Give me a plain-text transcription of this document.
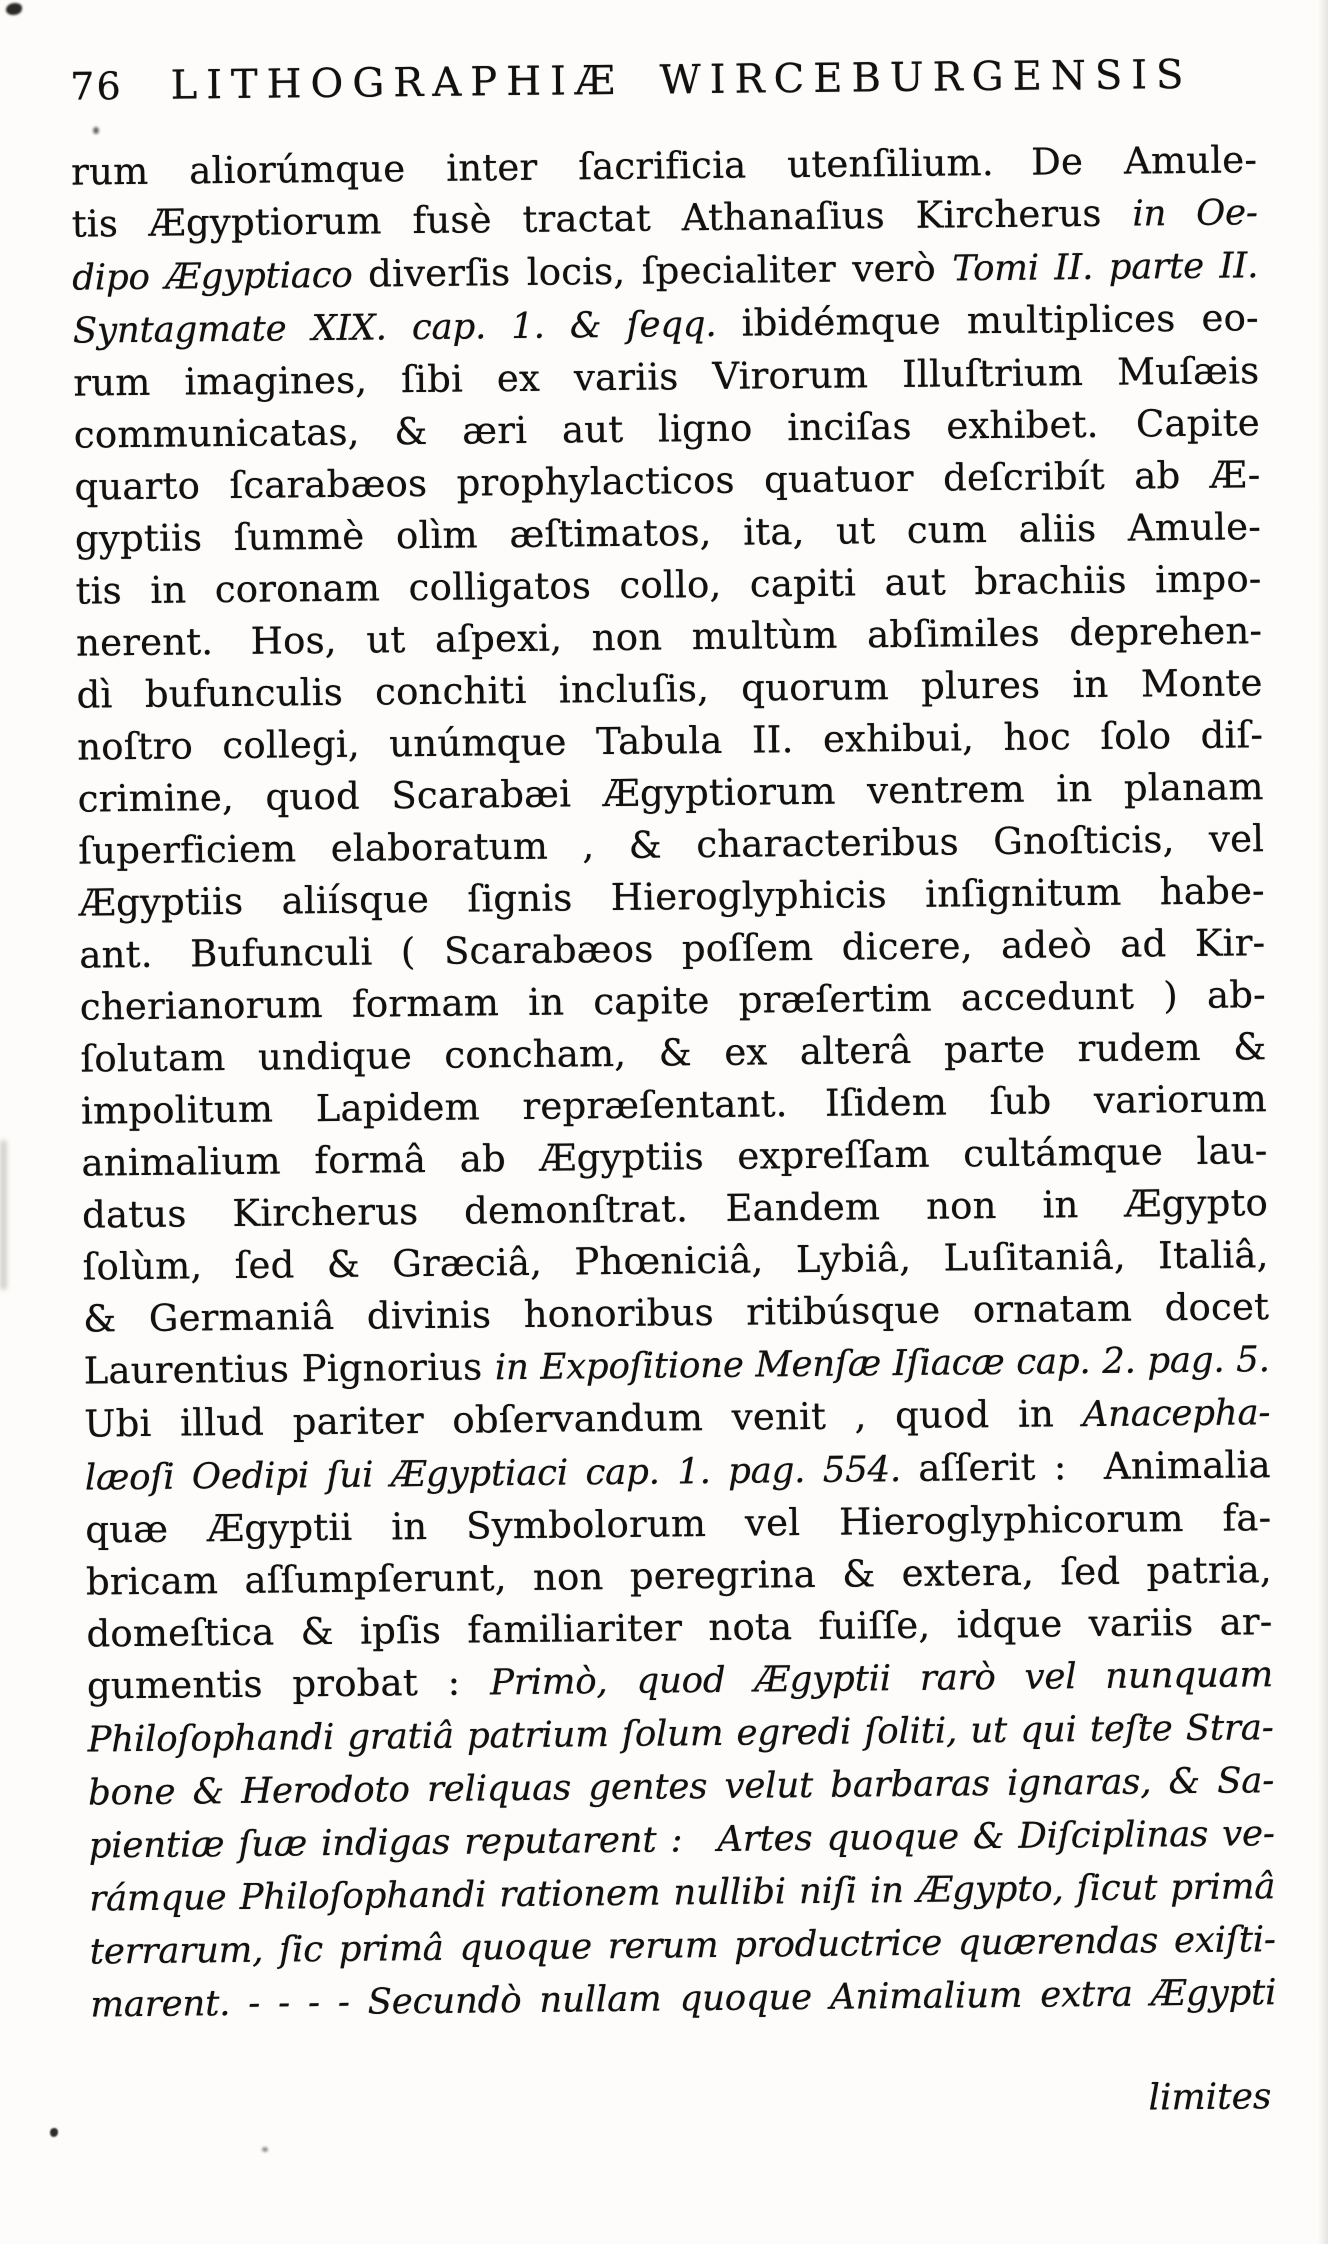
76 LITHOGRAPHIÆ WIRCEBURGENSIS
rum aliorúmque inter ſacrificia utenſilium.  De Amule-
tis Ægyptiorum fusè tractat Athanaſius Kircherus in Oe-
dipo Ægyptiaco diverſis locis, ſpecialiter verò Tomi II. parte II.
Syntagmate XIX. cap. 1. & ſeqq. ibidémque multiplices eo-
rum imagines, ſibi ex variis Virorum Illuſtrium Muſæis
communicatas, & æri aut ligno inciſas exhibet.  Capite
quarto ſcarabæos prophylacticos quatuor deſcribít ab Æ-
gyptiis ſummè olìm æſtimatos, ita, ut cum aliis Amule-
tis in coronam colligatos collo, capiti aut brachiis impo-
nerent.  Hos, ut aſpexi, non multùm abſimiles deprehen-
dì bufunculis conchiti incluſis, quorum plures in Monte
noſtro collegi, unúmque Tabula II. exhibui, hoc ſolo diſ-
crimine, quod Scarabæi Ægyptiorum ventrem in planam
ſuperficiem elaboratum , & characteribus Gnoſticis, vel
Ægyptiis aliísque ſignis Hieroglyphicis inſignitum habe-
ant.  Bufunculi ( Scarabæos poſſem dicere, adeò ad Kir-
cherianorum formam in capite præſertim accedunt ) ab-
ſolutam undique concham, & ex alterâ parte rudem &
impolitum Lapidem repræſentant.  Iſidem ſub variorum
animalium formâ ab Ægyptiis expreſſam cultámque lau-
datus Kircherus demonſtrat.  Eandem non in Ægypto
ſolùm, ſed & Græciâ, Phœniciâ, Lybiâ, Luſitaniâ, Italiâ,
& Germaniâ divinis honoribus ritibúsque ornatam docet
Laurentius Pignorius in Expoſitione Menſæ Iſiacæ cap. 2. pag. 5.
Ubi illud pariter obſervandum venit , quod in Anacepha-
læoſi Oedipi ſui Ægyptiaci cap. 1. pag. 554. aſſerit :  Animalia
quæ Ægyptii in Symbolorum vel Hieroglyphicorum fa-
bricam aſſumpſerunt, non peregrina & extera, ſed patria,
domeſtica & ipſis familiariter nota fuiſſe, idque variis ar-
gumentis probat : Primò, quod Ægyptii rarò vel nunquam
Philoſophandi gratiâ patrium ſolum egredi ſoliti, ut qui teſte Stra-
bone & Herodoto reliquas gentes velut barbaras ignaras, & Sa-
pientiæ ſuæ indigas reputarent :  Artes quoque & Diſciplinas ve-
rámque Philoſophandi rationem nullibi niſi in Ægypto, ſicut primâ
terrarum, ſic primâ quoque rerum productrice quærendas exiſti-
marent. - - - - Secundò nullam quoque Animalium extra Ægypti
limites
